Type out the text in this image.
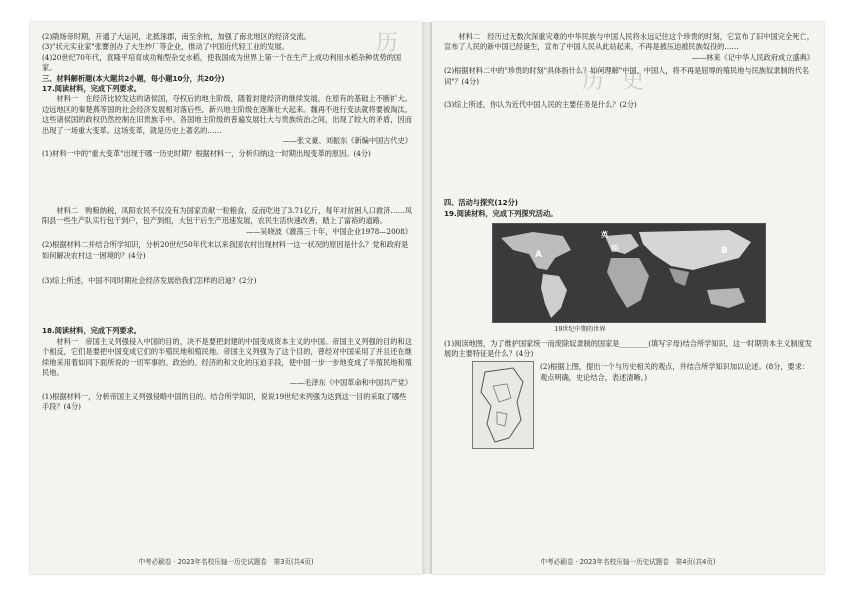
历

(2)隋炀帝时期，开通了大运河，北抵涿郡，南至余杭，加强了南北地区的经济交流。

(3)"状元实业家"张謇创办了大生纱厂等企业，推动了中国近代轻工业的发展。

(4)20世纪70年代，袁隆平培育成功籼型杂交水稻，使我国成为世界上第一个在生产上成功利用水稻杂种优势的国家。

三、材料解析题(本大题共2小题，每小题10分，共20分)

17.阅读材料，完成下列要求。

材料一　在经济比较发达的诸侯国，夺权后的地主阶级，随着封建经济的继续发展，在原有的基础上不断扩大。边远地区的秦楚燕等国的社会经济发展相对落后些，新兴地主阶级在逐渐壮大起来。魏再不进行变法就将要被淘汰。这些诸侯国的政权仍然控制在旧贵族手中。各国地主阶级的普遍发展壮大与贵族统治之间，出现了较大的矛盾，因而出现了一场重大变革。这场变革，就是历史上著名的……

——张文豪、刘振东《新编中国古代史》

(1)材料一中的"重大变革"出现于哪一历史时期？根据材料一，分析归纳这一时期出现变革的原因。(4分)

材料二　购粮纳税，凤阳农民不仅没有为国家贡献一粒粮食，反而吃进了3.71亿斤，每年对贫困人口救济……凤阳县一些生产队实行包干到户，包产到组，大包干后生产迅速发展，农民生活快速改善，踏上了富裕的道路。

——吴晓波《激荡三十年，中国企业1978—2008》

(2)根据材料二并结合所学知识，分析20世纪50年代末以来我国农村出现材料一这一状况的原因是什么？党和政府是如何解决农村这一困境的？(4分)

(3)综上所述，中国不同时期社会经济发展给我们怎样的启迪？(2分)

18.阅读材料，完成下列要求。

材料一　帝国主义列强侵入中国的目的，决不是要把封建的中国变成资本主义的中国。帝国主义列强的目的和这个相反，它们是要把中国变成它们的半殖民地和殖民地。帝国主义列强为了这个目的，曾经对中国采用了并且还在继续地采用着如同下面所说的一切军事的、政治的、经济的和文化的压迫手段，使中国一步一步地变成了半殖民地和殖民地。

——毛泽东《中国革命和中国共产党》

(1)根据材料一，分析帝国主义列强侵略中国的目的。结合所学知识，说说19世纪末列强为达到这一目的采取了哪些手段？(4分)

中考必刷卷 · 2023年名校压轴一历史试题卷　第3页(共4页)
历史

材料二　经历过无数次深重灾难的中华民族与中国人民将永远记住这个珍贵的时刻，它宣布了旧中国完全死亡，宣布了人民的新中国已经诞生，宣布了中国人民从此站起来，不再是被压迫被民族奴役的……

——林来《记中华人民政府成立盛典》

(2)根据材料二中的"珍贵的时刻"具体指什么？如何理解"中国、中国人，将不再是屈辱的殖民地与民族奴隶制的代名词"？(4分)

(3)综上所述，你认为近代中国人民的主要任务是什么？(2分)

四、活动与探究(12分)

19.阅读材料，完成下列探究活动。

A	B
法
英

19世纪中期的世界

(1)阅读地图，为了维护国家统一而废除奴隶制的国家是________(填写字母)结合所学知识，这一时期资本主义制度发展的主要特征是什么？(4分)

(2)根据上图，提出一个与历史相关的观点，并结合所学知识加以论述。(8分，要求：观点明确，史论结合，表述清晰。)

中考必刷卷 · 2023年名校压轴一历史试题卷　第4页(共4页)
